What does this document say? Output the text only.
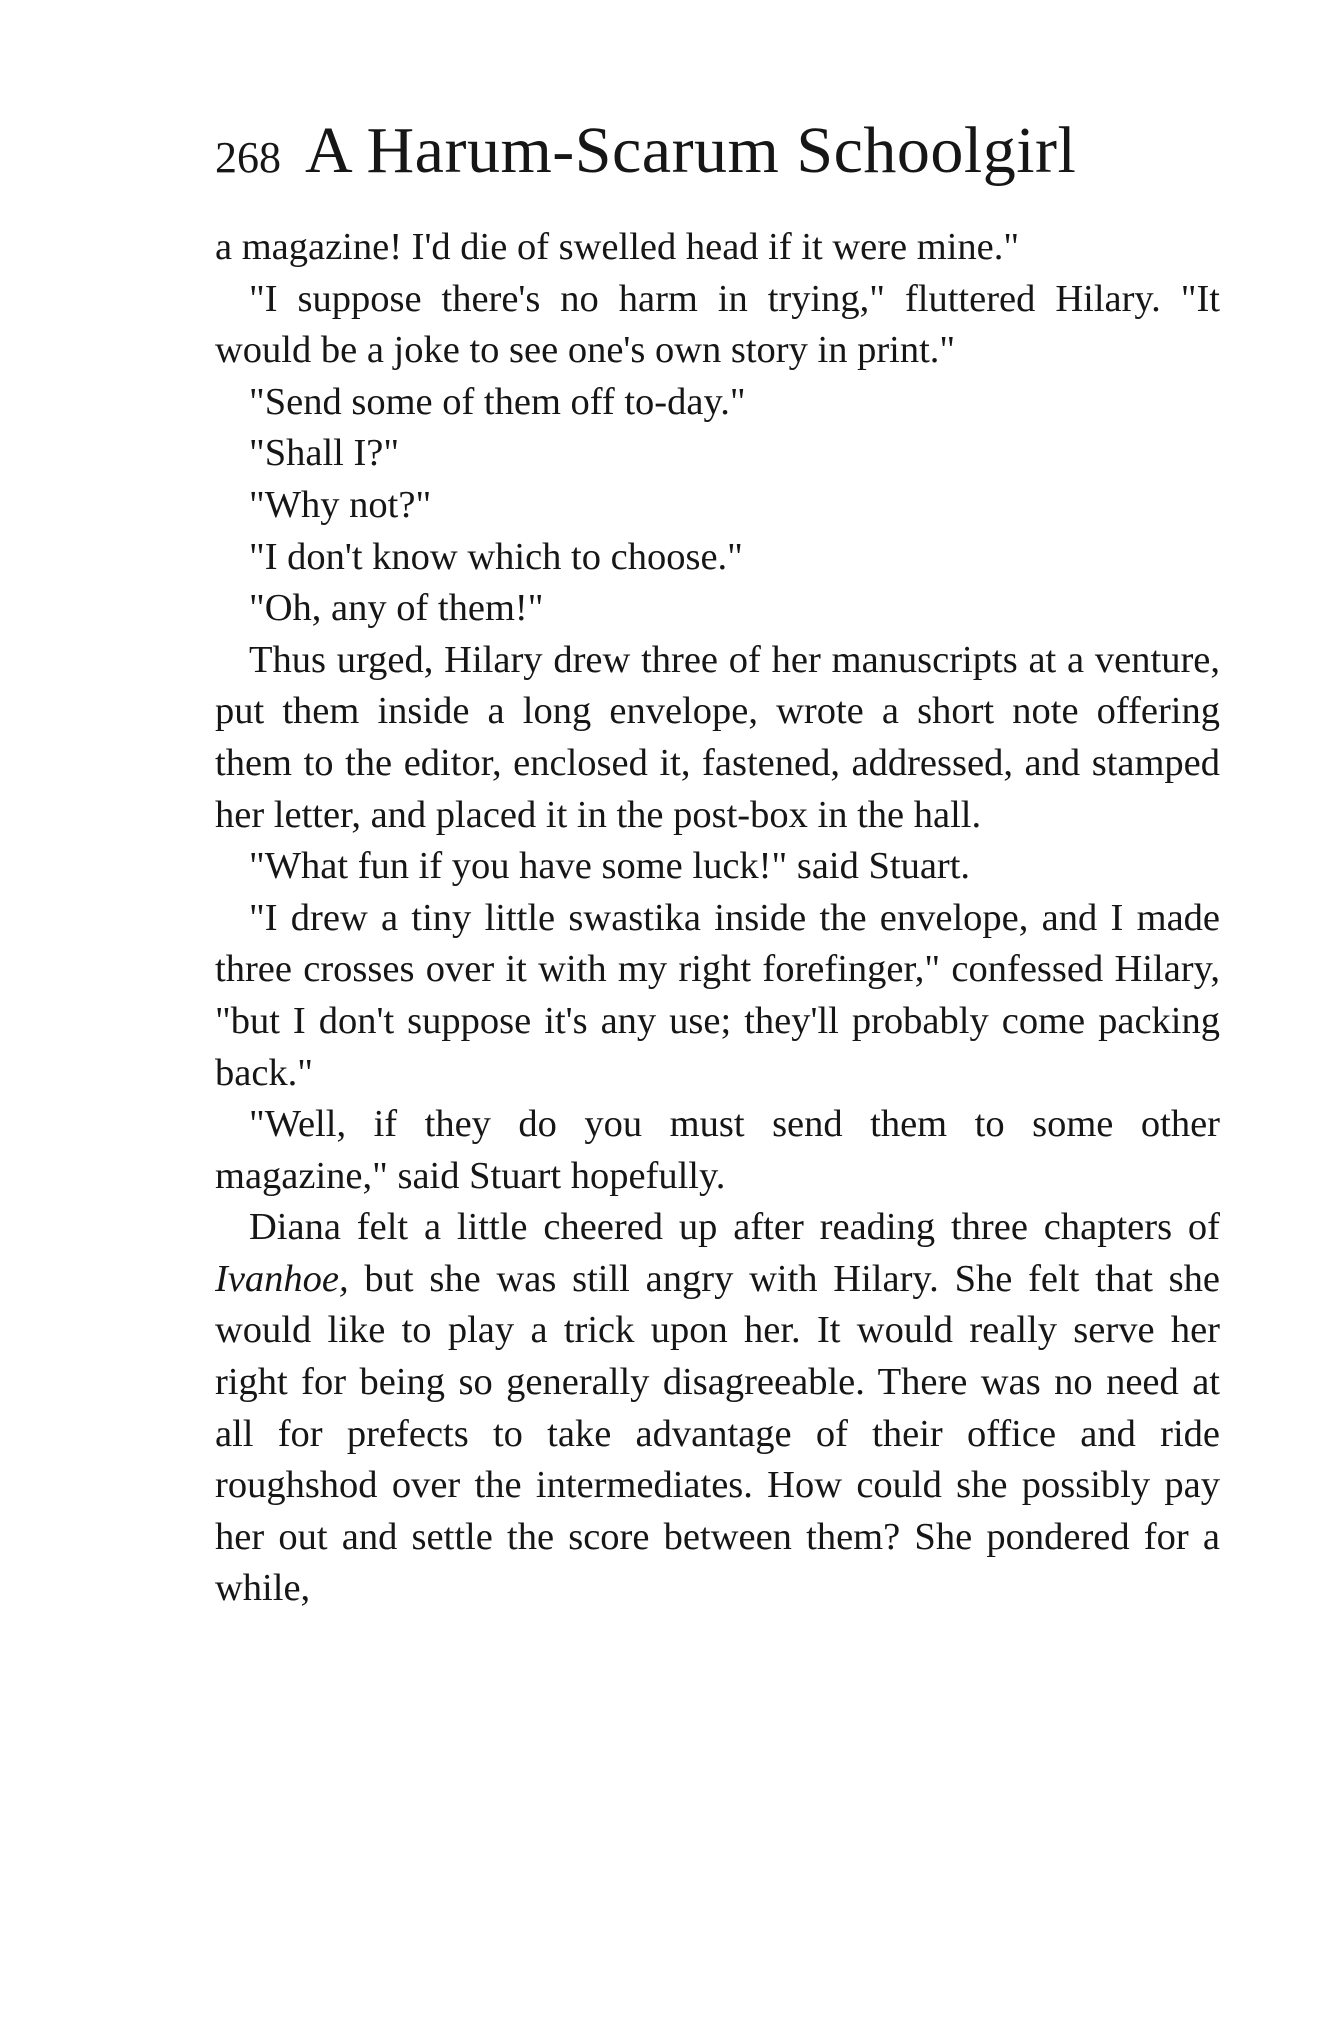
268 A Harum-Scarum Schoolgirl

a magazine! I'd die of swelled head if it were mine."

"I suppose there's no harm in trying," fluttered Hilary. "It would be a joke to see one's own story in print."

"Send some of them off to-day."

"Shall I?"

"Why not?"

"I don't know which to choose."

"Oh, any of them!"

Thus urged, Hilary drew three of her manuscripts at a venture, put them inside a long envelope, wrote a short note offering them to the editor, enclosed it, fastened, addressed, and stamped her letter, and placed it in the post-box in the hall.

"What fun if you have some luck!" said Stuart.

"I drew a tiny little swastika inside the envelope, and I made three crosses over it with my right forefinger," confessed Hilary, "but I don't suppose it's any use; they'll probably come packing back."

"Well, if they do you must send them to some other magazine," said Stuart hopefully.

Diana felt a little cheered up after reading three chapters of Ivanhoe, but she was still angry with Hilary. She felt that she would like to play a trick upon her. It would really serve her right for being so generally disagreeable. There was no need at all for prefects to take advantage of their office and ride roughshod over the intermediates. How could she possibly pay her out and settle the score between them? She pondered for a while,
